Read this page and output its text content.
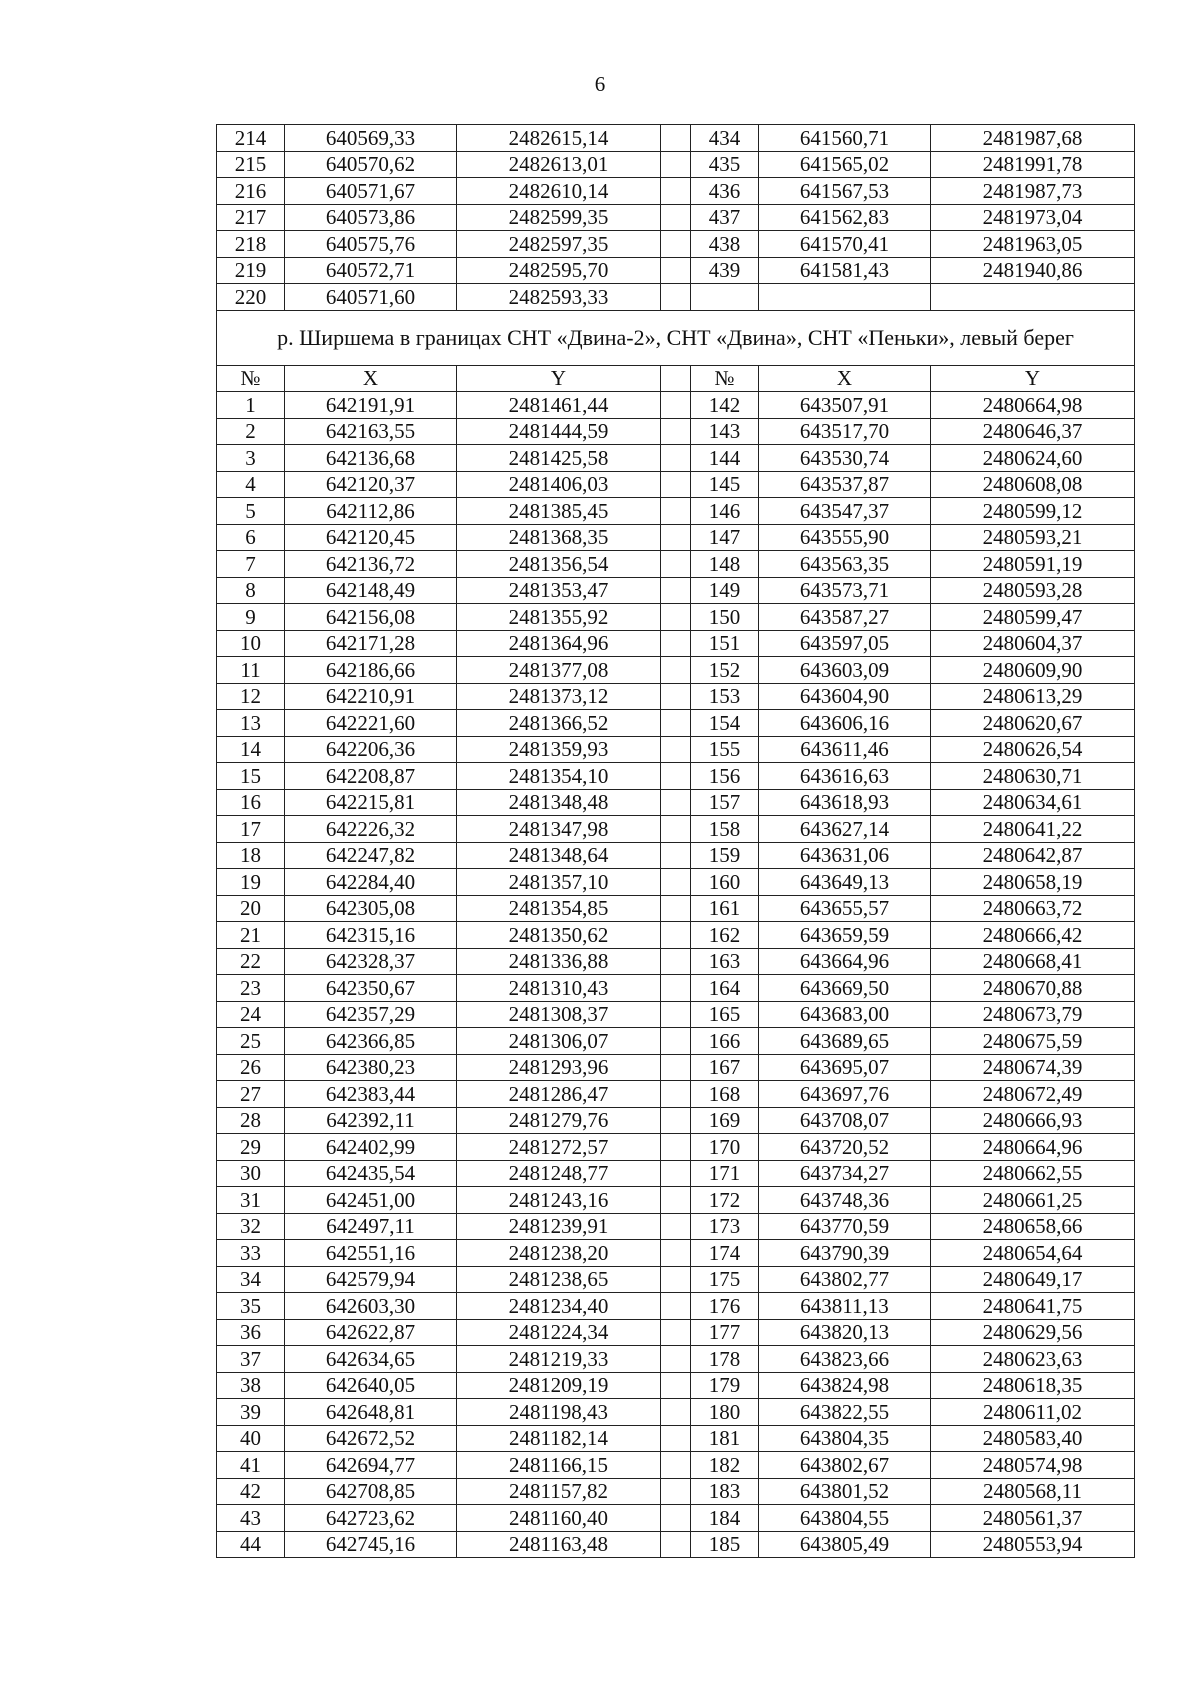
6
214	640569,33	2482615,14		434	641560,71	2481987,68
215	640570,62	2482613,01		435	641565,02	2481991,78
216	640571,67	2482610,14		436	641567,53	2481987,73
217	640573,86	2482599,35		437	641562,83	2481973,04
218	640575,76	2482597,35		438	641570,41	2481963,05
219	640572,71	2482595,70		439	641581,43	2481940,86
220	640571,60	2482593,33				
р. Ширшема в границах СНТ «Двина-2», СНТ «Двина», СНТ «Пеньки», левый берег						
№	X	Y		№	X	Y
1	642191,91	2481461,44		142	643507,91	2480664,98
2	642163,55	2481444,59		143	643517,70	2480646,37
3	642136,68	2481425,58		144	643530,74	2480624,60
4	642120,37	2481406,03		145	643537,87	2480608,08
5	642112,86	2481385,45		146	643547,37	2480599,12
6	642120,45	2481368,35		147	643555,90	2480593,21
7	642136,72	2481356,54		148	643563,35	2480591,19
8	642148,49	2481353,47		149	643573,71	2480593,28
9	642156,08	2481355,92		150	643587,27	2480599,47
10	642171,28	2481364,96		151	643597,05	2480604,37
11	642186,66	2481377,08		152	643603,09	2480609,90
12	642210,91	2481373,12		153	643604,90	2480613,29
13	642221,60	2481366,52		154	643606,16	2480620,67
14	642206,36	2481359,93		155	643611,46	2480626,54
15	642208,87	2481354,10		156	643616,63	2480630,71
16	642215,81	2481348,48		157	643618,93	2480634,61
17	642226,32	2481347,98		158	643627,14	2480641,22
18	642247,82	2481348,64		159	643631,06	2480642,87
19	642284,40	2481357,10		160	643649,13	2480658,19
20	642305,08	2481354,85		161	643655,57	2480663,72
21	642315,16	2481350,62		162	643659,59	2480666,42
22	642328,37	2481336,88		163	643664,96	2480668,41
23	642350,67	2481310,43		164	643669,50	2480670,88
24	642357,29	2481308,37		165	643683,00	2480673,79
25	642366,85	2481306,07		166	643689,65	2480675,59
26	642380,23	2481293,96		167	643695,07	2480674,39
27	642383,44	2481286,47		168	643697,76	2480672,49
28	642392,11	2481279,76		169	643708,07	2480666,93
29	642402,99	2481272,57		170	643720,52	2480664,96
30	642435,54	2481248,77		171	643734,27	2480662,55
31	642451,00	2481243,16		172	643748,36	2480661,25
32	642497,11	2481239,91		173	643770,59	2480658,66
33	642551,16	2481238,20		174	643790,39	2480654,64
34	642579,94	2481238,65		175	643802,77	2480649,17
35	642603,30	2481234,40		176	643811,13	2480641,75
36	642622,87	2481224,34		177	643820,13	2480629,56
37	642634,65	2481219,33		178	643823,66	2480623,63
38	642640,05	2481209,19		179	643824,98	2480618,35
39	642648,81	2481198,43		180	643822,55	2480611,02
40	642672,52	2481182,14		181	643804,35	2480583,40
41	642694,77	2481166,15		182	643802,67	2480574,98
42	642708,85	2481157,82		183	643801,52	2480568,11
43	642723,62	2481160,40		184	643804,55	2480561,37
44	642745,16	2481163,48		185	643805,49	2480553,94
